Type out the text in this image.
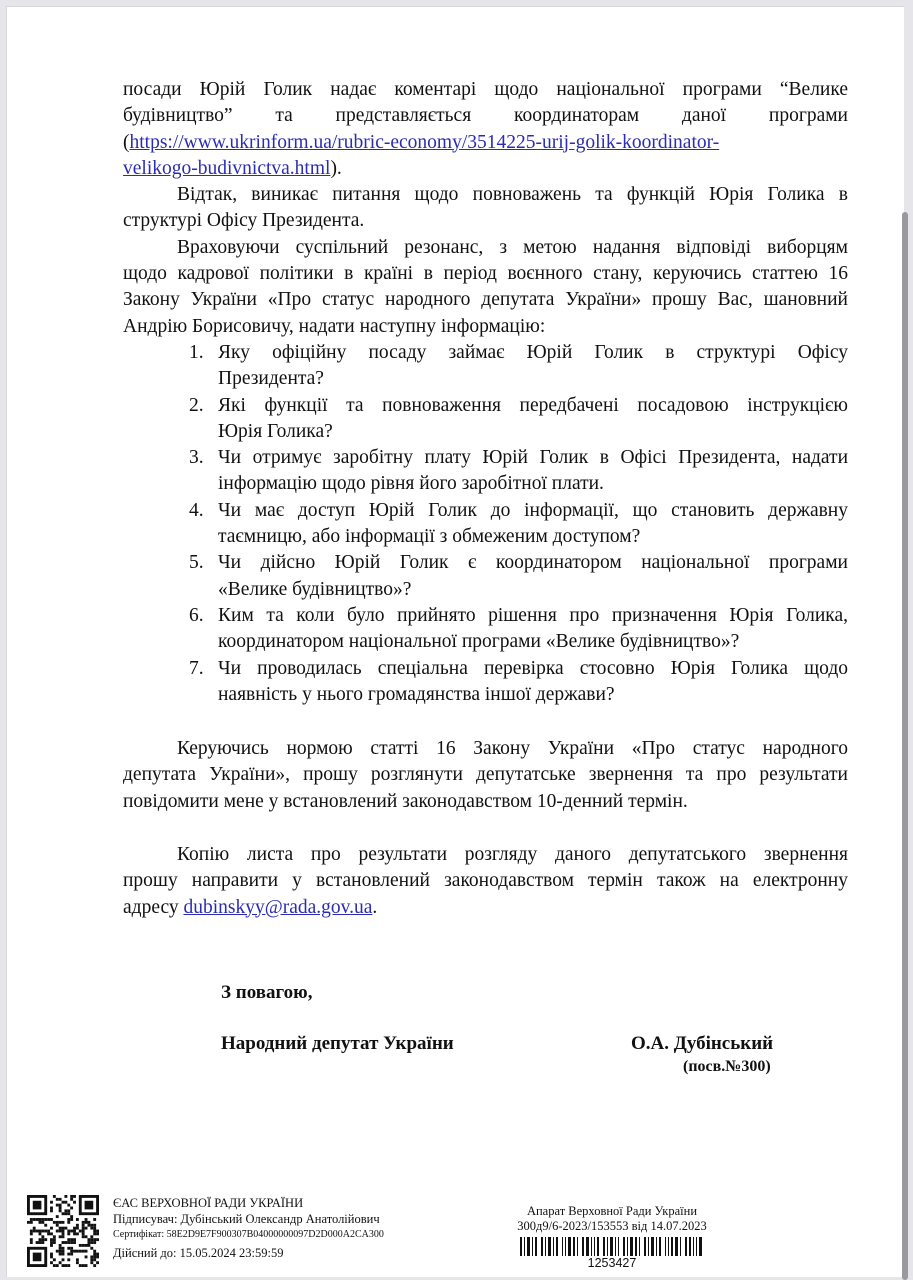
посади Юрій Голик надає коментарі щодо національної програми “Велике
будівництво” та представляється координаторам даної програми
(https://www.ukrinform.ua/rubric-economy/3514225-urij-golik-koordinator-
velikogo-budivnictva.html).

Відтак, виникає питання щодо повноважень та функцій Юрія Голика в
структурі Офісу Президента.

Враховуючи суспільний резонанс, з метою надання відповіді виборцям
щодо кадрової політики в країні в період воєнного стану, керуючись статтею 16
Закону України «Про статус народного депутата України» прошу Вас, шановний
Андрію Борисовичу, надати наступну інформацію:

1. Яку офіційну посаду займає Юрій Голик в структурі Офісу
Президента?
2. Які функції та повноваження передбачені посадовою інструкцією
Юрія Голика?
3. Чи отримує заробітну плату Юрій Голик в Офісі Президента, надати
інформацію щодо рівня його заробітної плати.
4. Чи має доступ Юрій Голик до інформації, що становить державну
таємницю, або інформації з обмеженим доступом?
5. Чи дійсно Юрій Голик є координатором національної програми
«Велике будівництво»?
6. Ким та коли було прийнято рішення про призначення Юрія Голика,
координатором національної програми «Велике будівництво»?
7. Чи проводилась спеціальна перевірка стосовно Юрія Голика щодо
наявність у нього громадянства іншої держави?

Керуючись нормою статті 16 Закону України «Про статус народного
депутата України», прошу розглянути депутатське звернення та про результати
повідомити мене у встановлений законодавством 10-денний термін.

Копію листа про результати розгляду даного депутатського звернення
прошу направити у встановлений законодавством термін також на електронну
адресу dubinskyy@rada.gov.ua.

З повагою,
Народний депутат України	О.А. Дубінський
(посв.№300)
ЄАС ВЕРХОВНОЇ РАДИ УКРАЇНИ
Підписувач: Дубінський Олександр Анатолійович
Сертифікат: 58E2D9E7F900307B04000000097D2D000A2CA300
Дійсний до: 15.05.2024 23:59:59
Апарат Верховної Ради України
300д9/6-2023/153553 від 14.07.2023
1253427
